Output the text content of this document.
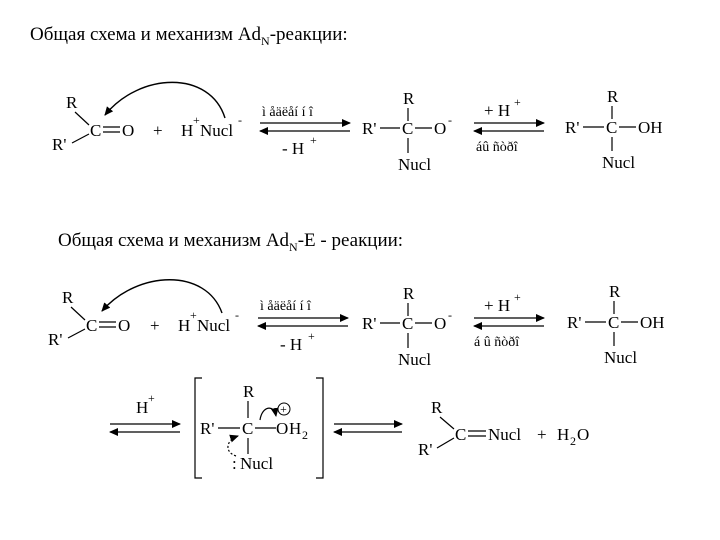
Общая схема и механизм $Ad_N$-реакции:
Общая схема и механизм $Ad_N-E$ - реакции:
R
R'
C O + H
+
Nucl
- ì åäëåí í î
- H +
R
R' C O -
Nucl
+ H +
áû ñòðî
R
R' C OH
Nucl
R
R'
C O + H
+
Nucl
-
ì åäëåí í î
- H +
R
R' C O -
Nucl
+ H +
á û ñòðî
R
R' C OH
Nucl
H +	R
R' C O H 2
+
: Nucl
R
R'
C Nucl + H 2 O
